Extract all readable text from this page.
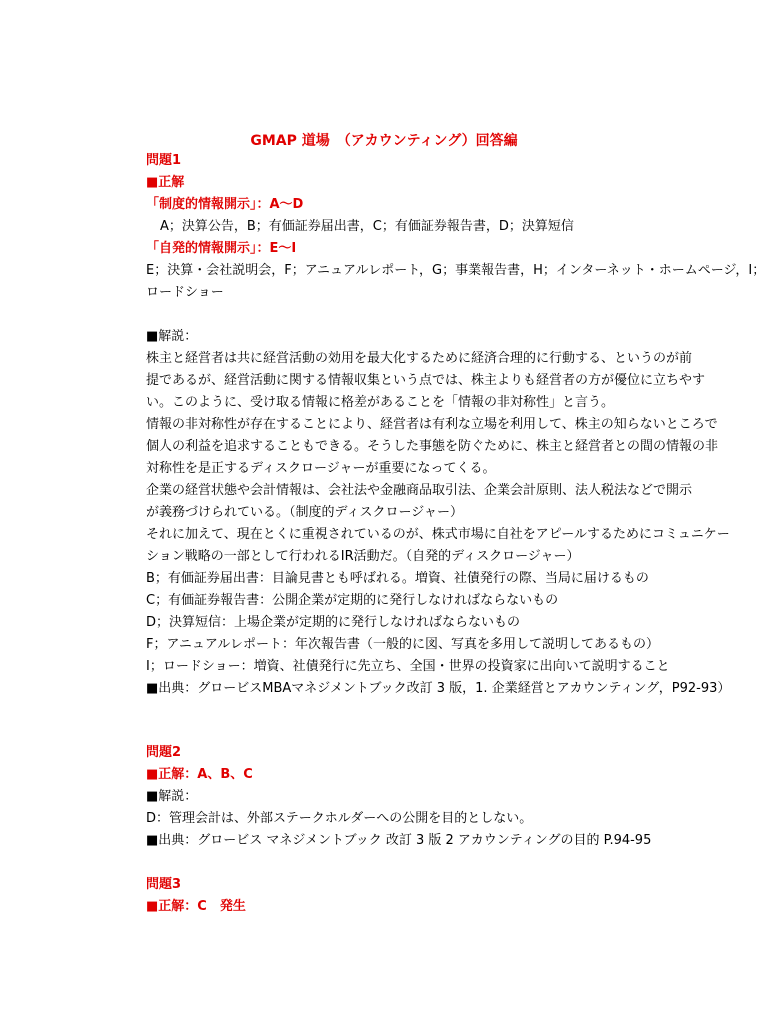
GMAP 道場　（アカウンティング）回答編
問題1
■正解
「制度的情報開示」：A～D
A；決算公告，B；有価証券届出書，C；有価証券報告書，D；決算短信
「自発的情報開示」：E～I
E；決算・会社説明会，F；アニュアルレポート，G；事業報告書，H；インターネット・ホームページ，I；
ロードショー
■解説：
株主と経営者は共に経営活動の効用を最大化するために経済合理的に行動する、というのが前
提であるが、経営活動に関する情報収集という点では、株主よりも経営者の方が優位に立ちやす
い。このように、受け取る情報に格差があることを「情報の非対称性」と言う。
情報の非対称性が存在することにより、経営者は有利な立場を利用して、株主の知らないところで
個人の利益を追求することもできる。そうした事態を防ぐために、株主と経営者との間の情報の非
対称性を是正するディスクロージャーが重要になってくる。
企業の経営状態や会計情報は、会社法や金融商品取引法、企業会計原則、法人税法などで開示
が義務づけられている。（制度的ディスクロージャー）
それに加えて、現在とくに重視されているのが、株式市場に自社をアピールするためにコミュニケー
ション戦略の一部として行われるIR活動だ。（自発的ディスクロージャー）
B；有価証券届出書：目論見書とも呼ばれる。増資、社債発行の際、当局に届けるもの
C；有価証券報告書：公開企業が定期的に発行しなければならないもの
D；決算短信：上場企業が定期的に発行しなければならないもの
F；アニュアルレポート：年次報告書（一般的に図、写真を多用して説明してあるもの）
I；ロードショー：増資、社債発行に先立ち、全国・世界の投資家に出向いて説明すること
■出典：グロービスMBAマネジメントブック改訂 3 版，1. 企業経営とアカウンティング，P92-93）
問題2
■正解：A、B、C
■解説：
D：管理会計は、外部ステークホルダーへの公開を目的としない。
■出典：グロービス マネジメントブック 改訂 3 版 2 アカウンティングの目的 P.94-95
問題3
■正解：C　発生
